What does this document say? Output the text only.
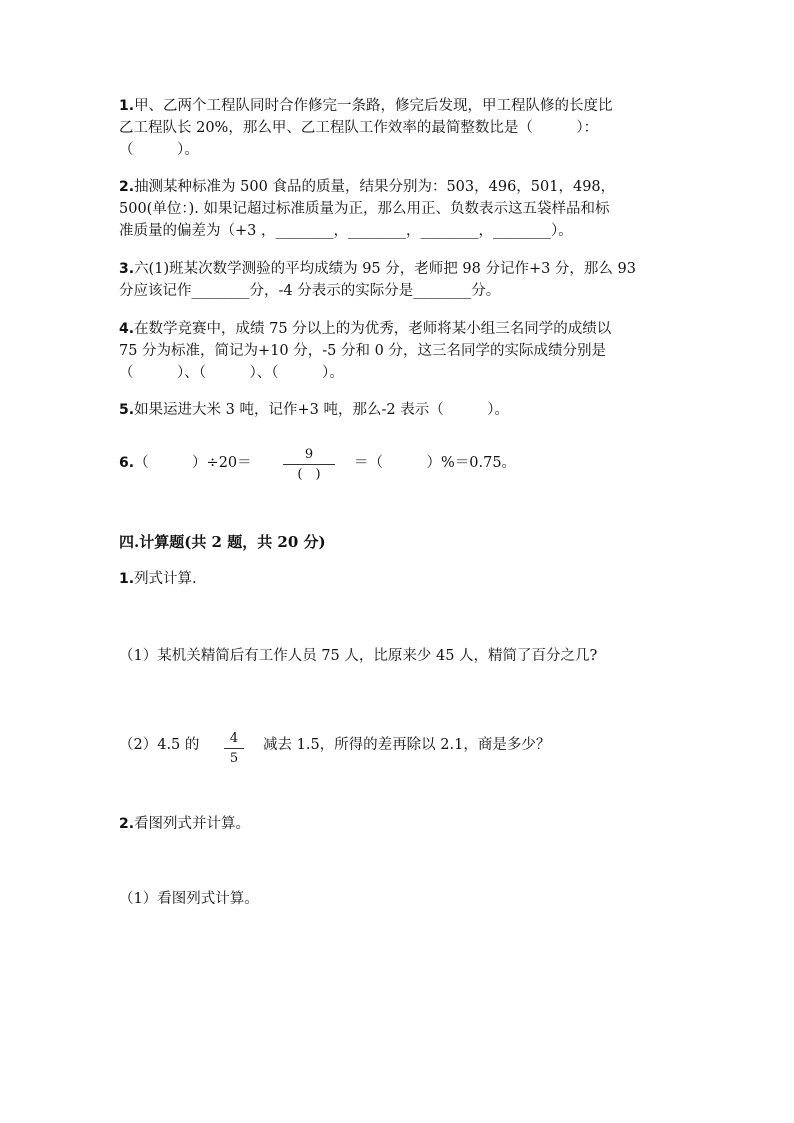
1.甲、乙两个工程队同时合作修完一条路，修完后发现，甲工程队修的长度比
乙工程队长 20%，那么甲、乙工程队工作效率的最简整数比是（　　　）：
（　　　）。
2.抽测某种标准为 500 食品的质量，结果分别为：503，496，501，498，
500(单位：). 如果记超过标准质量为正，那么用正、负数表示这五袋样品和标
准质量的偏差为（+3 ，________，________，________，________）。
3.六(1)班某次数学测验的平均成绩为 95 分，老师把 98 分记作+3 分，那么 93
分应该记作________分，-4 分表示的实际分是________分。
4.在数学竞赛中，成绩 75 分以上的为优秀，老师将某小组三名同学的成绩以
75 分为标准，简记为+10 分，-5 分和 0 分，这三名同学的实际成绩分别是
（　　　）、（　　　）、（　　　）。
5.如果运进大米 3 吨，记作+3 吨，那么-2 表示（　　　）。
6.（　　　）÷20＝
9
(　)
＝（　　　）%＝0.75。
四.计算题(共 2 题，共 20 分)
1.列式计算.
（1）某机关精简后有工作人员 75 人，比原来少 45 人，精简了百分之几?
（2）4.5 的	4
5
减去 1.5，所得的差再除以 2.1，商是多少？
2.看图列式并计算。
（1）看图列式计算。
